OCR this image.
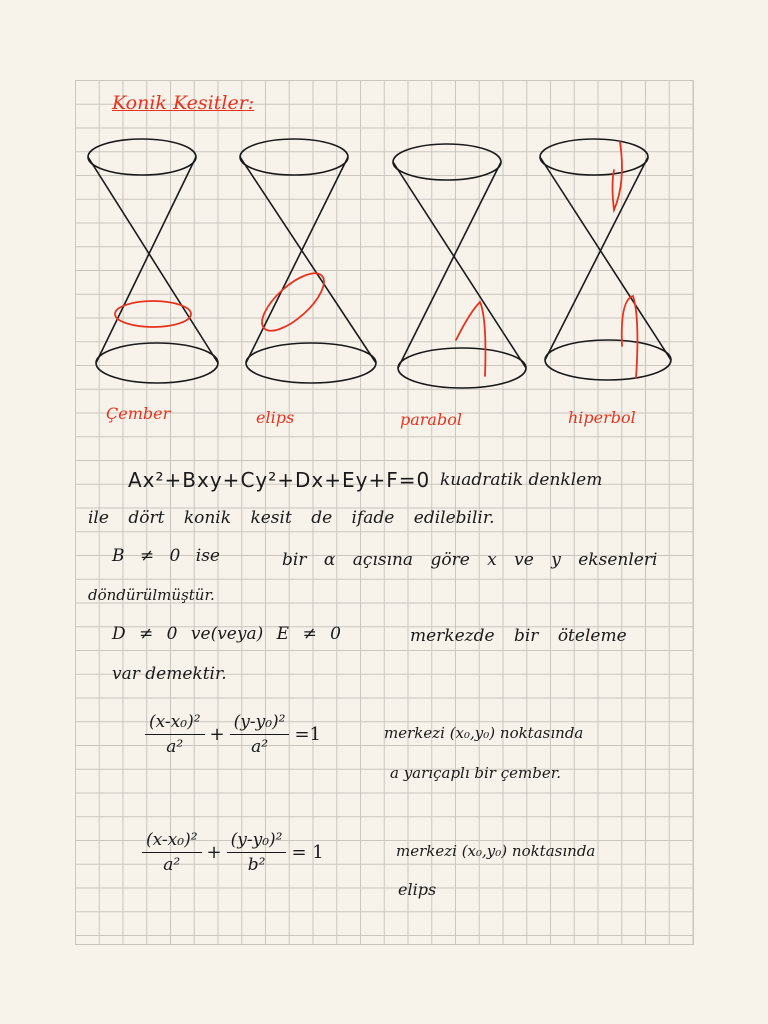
Konik Kesitler:
Çember	elips	parabol	hiperbol
Ax²+Bxy+Cy²+Dx+Ey+F=0 kuadratik denklem
ile dört konik kesit de ifade edilebilir.
B ≠ 0 ise	bir α açısına göre x ve y eksenleri
döndürülmüştür.
D ≠ 0 ve(veya) E ≠ 0	merkezde bir öteleme
var demektir.
$\frac{\text{(x-x₀)²}}{\text{a²}} + \frac{\text{(y-y₀)²}}{\text{a²}} =1$	merkezi (x₀,y₀) noktasında
a yarıçaplı bir çember.
$\frac{\text{(x-x₀)²}}{\text{a²}} + \frac{\text{(y-y₀)²}}{\text{b²}} = 1$	merkezi (x₀,y₀) noktasında
elips
